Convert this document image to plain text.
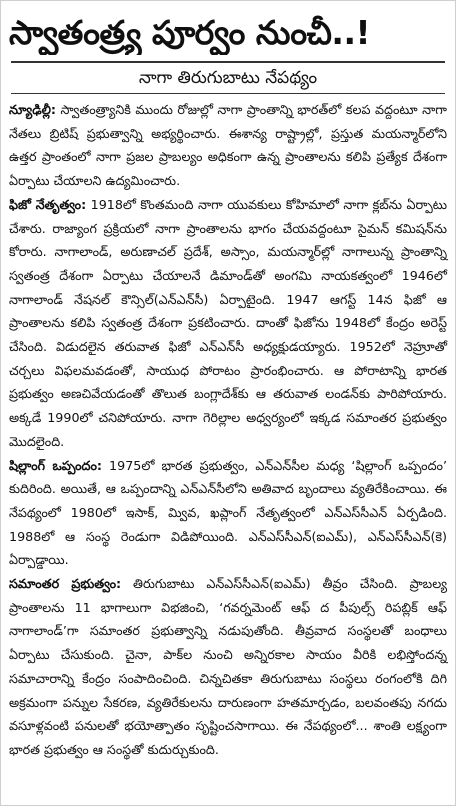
స్వాతంత్ర్య పూర్వం నుంచీ..!
నాగా తిరుగుబాటు నేపథ్యం

న్యూఢిల్లీ: స్వాతంత్ర్యానికి ముందు రోజుల్లో నాగా ప్రాంతాన్ని భారత్‌లో కలప వద్దంటూ నాగా నేతలు బ్రిటిష్ ప్రభుత్వాన్ని అభ్యర్థించారు. ఈశాన్య రాష్ట్రాల్లో, ప్రస్తుత మయన్మార్‌లోని ఉత్తర ప్రాంతంలో నాగా ప్రజల ప్రాబల్యం అధికంగా ఉన్న ప్రాంతాలను కలిపి ప్రత్యేక దేశంగా ఏర్పాటు చేయాలని ఉద్యమించారు.

ఫిజో నేతృత్వం: 1918లో కొంతమంది నాగా యువకులు కోహిమాలో నాగా క్లబ్‌ను ఏర్పాటు చేశారు. రాజ్యాంగ ప్రక్రియలో నాగా ప్రాంతాలను భాగం చేయవద్దంటూ సైమన్ కమిషన్‌ను కోరారు. నాగాలాండ్, అరుణాచల్ ప్రదేశ్, అస్సాం, మయన్మార్‌ల్లో నాగాలున్న ప్రాంతాన్ని స్వతంత్ర దేశంగా ఏర్పాటు చేయాలనే డిమాండ్‌తో అంగమి నాయకత్వంలో 1946లో నాగాలాండ్ నేషనల్ కౌన్సిల్(ఎన్ఎన్‌సీ) ఏర్పాటైంది. 1947 ఆగస్ట్ 14న ఫిజో ఆ ప్రాంతాలను కలిపి స్వతంత్ర దేశంగా ప్రకటించారు. దాంతో ఫిజోను 1948లో కేంద్రం అరెస్ట్ చేసింది. విడుదలైన తరువాత ఫిజో ఎన్ఎన్‌సీ అధ్యక్షుడయ్యారు. 1952లో నెహ్రూతో చర్చలు విఫలమవడంతో, సాయుధ పోరాటం ప్రారంభించారు. ఆ పోరాటాన్ని భారత ప్రభుత్వం అణచివేయడంతో తొలుత బంగ్లాదేశ్‌కు ఆ తరువాత లండన్‌కు పారిపోయారు. అక్కడే 1990లో చనిపోయారు. నాగా గెరిల్లాల అధ్వర్యంలో ఇక్కడ సమాంతర ప్రభుత్వం మొదలైంది.

షిల్లాంగ్ ఒప్పందం: 1975లో భారత ప్రభుత్వం, ఎన్ఎన్‌సీల మధ్య ‘షిల్లాంగ్ ఒప్పందం’ కుదిరింది. అయితే, ఆ ఒప్పందాన్ని ఎన్ఎన్‌సీలోని అతివాద బృందాలు వ్యతిరేకించాయి. ఈ నేపథ్యంలో 1980లో ఇసాక్, మ్వివ, ఖప్లాంగ్ నేతృత్వంలో ఎన్ఎస్‌సీఎన్ ఏర్పడింది. 1988లో ఆ సంస్థ రెండుగా విడిపోయింది. ఎన్ఎస్‌సీఎన్(ఐఎమ్), ఎన్ఎస్‌సీఎన్(కె) ఏర్పాడ్డాయి.

సమాంతర ప్రభుత్వం: తిరుగుబాటు ఎన్ఎస్‌సీఎన్(ఐఎమ్) తీవ్రం చేసింది. ప్రాబల్య ప్రాంతాలను 11 భాగాలుగా విభజించి, ‘గవర్నమెంట్ ఆఫ్ ద పీపుల్స్ రిపబ్లిక్ ఆఫ్ నాగాలాండ్’గా సమాంతర ప్రభుత్వాన్ని నడుపుతోంది. తీవ్రవాద సంస్థలతో బంధాలు ఏర్పాటు చేసుకుంది. చైనా, పాక్‌ల నుంచి అన్నిరకాల సాయం వీరికి లభిస్తోందన్న సమాచారాన్ని కేంద్రం సంపాదించింది. చిన్నచితకా తిరుగుబాటు సంస్థలు రంగంలోకి దిగి అక్రమంగా పన్నుల సేకరణ, వ్యతిరేకులను దారుణంగా హతమార్చడం, బలవంతపు నగదు వసూళ్లవంటి పనులతో భయోత్పాతం సృష్టించసాగాయి. ఈ నేపథ్యంలో... శాంతి లక్ష్యంగా భారత ప్రభుత్వం ఆ సంస్థతో కుదుర్చుకుంది.
